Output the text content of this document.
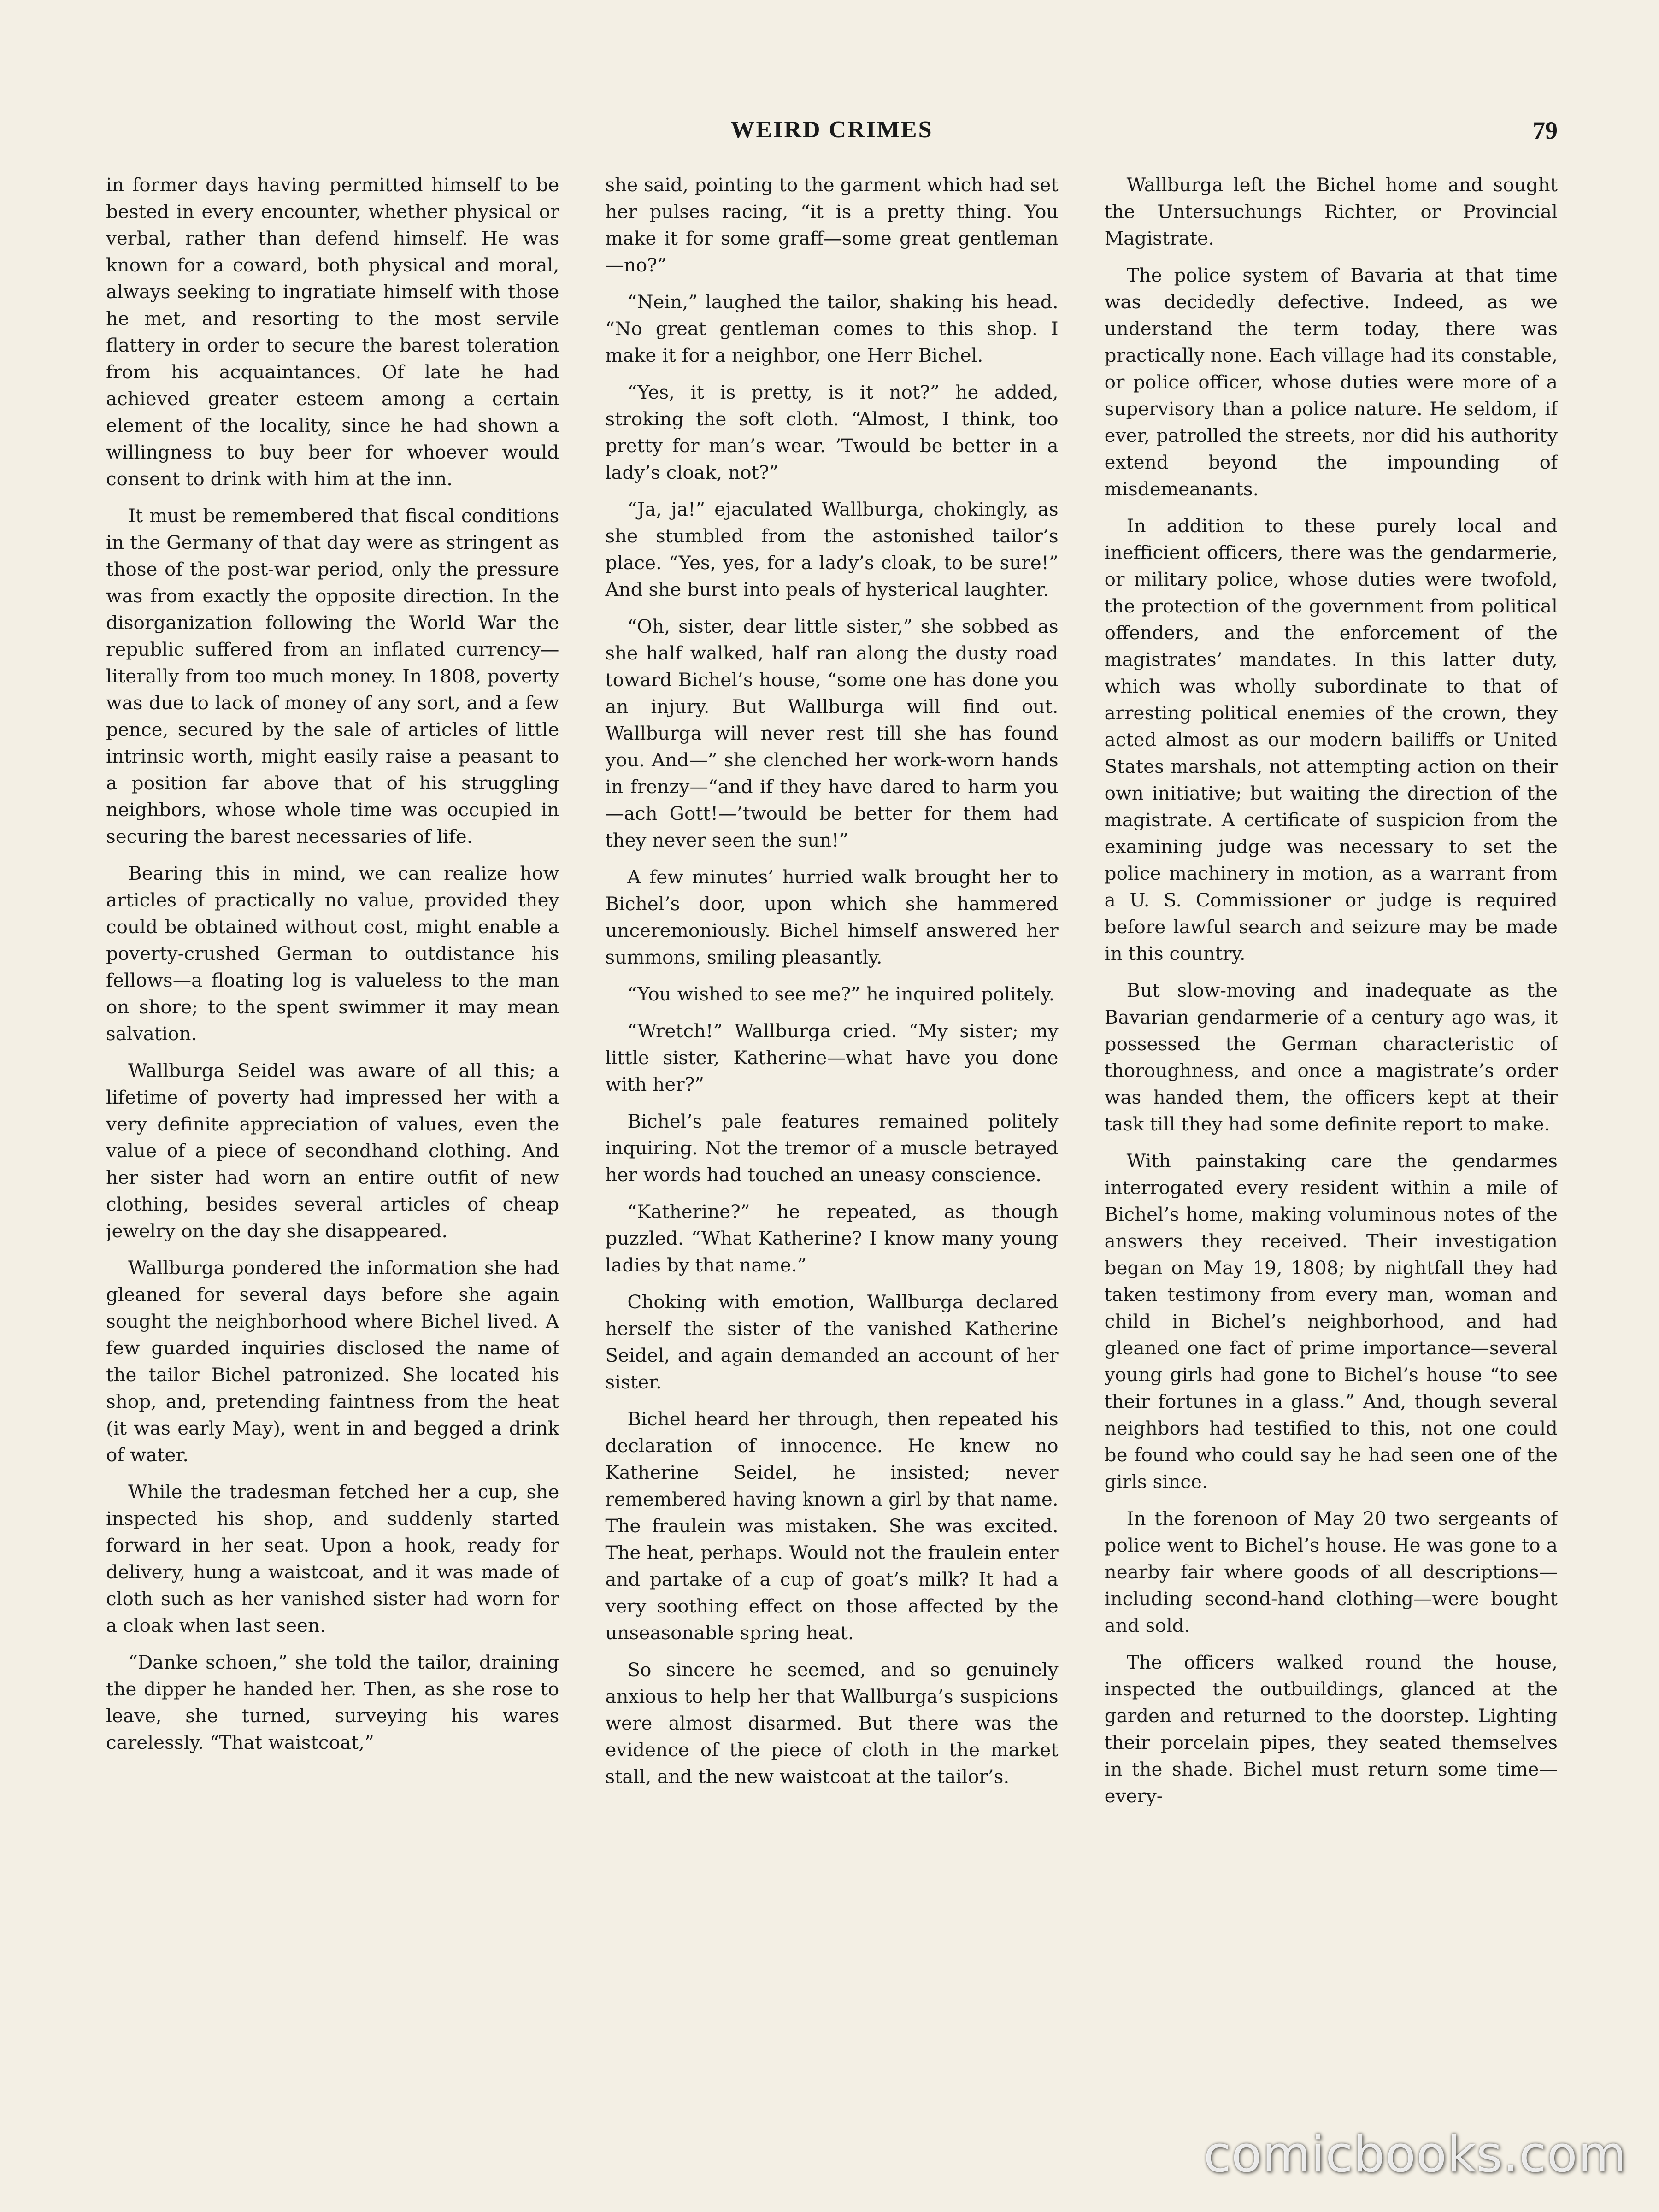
WEIRD CRIMES	79

in former days having permitted himself to be bested in every encounter, whether physical or verbal, rather than defend himself. He was known for a coward, both physical and moral, always seeking to ingratiate himself with those he met, and resorting to the most servile flattery in order to secure the barest toleration from his acquaintances. Of late he had achieved greater esteem among a certain element of the locality, since he had shown a willingness to buy beer for whoever would consent to drink with him at the inn.

It must be remembered that fiscal conditions in the Germany of that day were as stringent as those of the post-war period, only the pressure was from exactly the opposite direction. In the disorganization following the World War the republic suffered from an inflated currency—literally from too much money. In 1808, poverty was due to lack of money of any sort, and a few pence, secured by the sale of articles of little intrinsic worth, might easily raise a peasant to a position far above that of his struggling neighbors, whose whole time was occupied in securing the barest necessaries of life.

Bearing this in mind, we can realize how articles of practically no value, provided they could be obtained without cost, might enable a poverty-crushed German to outdistance his fellows—a floating log is valueless to the man on shore; to the spent swimmer it may mean salvation.

Wallburga Seidel was aware of all this; a lifetime of poverty had impressed her with a very definite appreciation of values, even the value of a piece of secondhand clothing. And her sister had worn an entire outfit of new clothing, besides several articles of cheap jewelry on the day she disappeared.

Wallburga pondered the information she had gleaned for several days before she again sought the neighborhood where Bichel lived. A few guarded inquiries disclosed the name of the tailor Bichel patronized. She located his shop, and, pretending faintness from the heat (it was early May), went in and begged a drink of water.

While the tradesman fetched her a cup, she inspected his shop, and suddenly started forward in her seat. Upon a hook, ready for delivery, hung a waistcoat, and it was made of cloth such as her vanished sister had worn for a cloak when last seen.

“Danke schoen,” she told the tailor, draining the dipper he handed her. Then, as she rose to leave, she turned, surveying his wares carelessly. “That waistcoat,”

she said, pointing to the garment which had set her pulses racing, “it is a pretty thing. You make it for some graff—some great gentleman—no?”

“Nein,” laughed the tailor, shaking his head. “No great gentleman comes to this shop. I make it for a neighbor, one Herr Bichel.

“Yes, it is pretty, is it not?” he added, stroking the soft cloth. “Almost, I think, too pretty for man’s wear. ’Twould be better in a lady’s cloak, not?”

“Ja, ja!” ejaculated Wallburga, chokingly, as she stumbled from the astonished tailor’s place. “Yes, yes, for a lady’s cloak, to be sure!” And she burst into peals of hysterical laughter.

“Oh, sister, dear little sister,” she sobbed as she half walked, half ran along the dusty road toward Bichel’s house, “some one has done you an injury. But Wallburga will find out. Wallburga will never rest till she has found you. And—” she clenched her work-worn hands in frenzy—“and if they have dared to harm you—ach Gott!—’twould be better for them had they never seen the sun!”

A few minutes’ hurried walk brought her to Bichel’s door, upon which she hammered unceremoniously. Bichel himself answered her summons, smiling pleasantly.

“You wished to see me?” he inquired politely.

“Wretch!” Wallburga cried. “My sister; my little sister, Katherine—what have you done with her?”

Bichel’s pale features remained politely inquiring. Not the tremor of a muscle betrayed her words had touched an uneasy conscience.

“Katherine?” he repeated, as though puzzled. “What Katherine? I know many young ladies by that name.”

Choking with emotion, Wallburga declared herself the sister of the vanished Katherine Seidel, and again demanded an account of her sister.

Bichel heard her through, then repeated his declaration of innocence. He knew no Katherine Seidel, he insisted; never remembered having known a girl by that name. The fraulein was mistaken. She was excited. The heat, perhaps. Would not the fraulein enter and partake of a cup of goat’s milk? It had a very soothing effect on those affected by the unseasonable spring heat.

So sincere he seemed, and so genuinely anxious to help her that Wallburga’s suspicions were almost disarmed. But there was the evidence of the piece of cloth in the market stall, and the new waistcoat at the tailor’s.

Wallburga left the Bichel home and sought the Untersuchungs Richter, or Provincial Magistrate.

The police system of Bavaria at that time was decidedly defective. Indeed, as we understand the term today, there was practically none. Each village had its constable, or police officer, whose duties were more of a supervisory than a police nature. He seldom, if ever, patrolled the streets, nor did his authority extend beyond the impounding of misdemeanants.

In addition to these purely local and inefficient officers, there was the gendarmerie, or military police, whose duties were twofold, the protection of the government from political offenders, and the enforcement of the magistrates’ mandates. In this latter duty, which was wholly subordinate to that of arresting political enemies of the crown, they acted almost as our modern bailiffs or United States marshals, not attempting action on their own initiative; but waiting the direction of the magistrate. A certificate of suspicion from the examining judge was necessary to set the police machinery in motion, as a warrant from a U. S. Commissioner or judge is required before lawful search and seizure may be made in this country.

But slow-moving and inadequate as the Bavarian gendarmerie of a century ago was, it possessed the German characteristic of thoroughness, and once a magistrate’s order was handed them, the officers kept at their task till they had some definite report to make.

With painstaking care the gendarmes interrogated every resident within a mile of Bichel’s home, making voluminous notes of the answers they received. Their investigation began on May 19, 1808; by nightfall they had taken testimony from every man, woman and child in Bichel’s neighborhood, and had gleaned one fact of prime importance—several young girls had gone to Bichel’s house “to see their fortunes in a glass.” And, though several neighbors had testified to this, not one could be found who could say he had seen one of the girls since.

In the forenoon of May 20 two sergeants of police went to Bichel’s house. He was gone to a nearby fair where goods of all descriptions—including second-hand clothing—were bought and sold.

The officers walked round the house, inspected the outbuildings, glanced at the garden and returned to the doorstep. Lighting their porcelain pipes, they seated themselves in the shade. Bichel must return some time—every-

comicbooks.com
